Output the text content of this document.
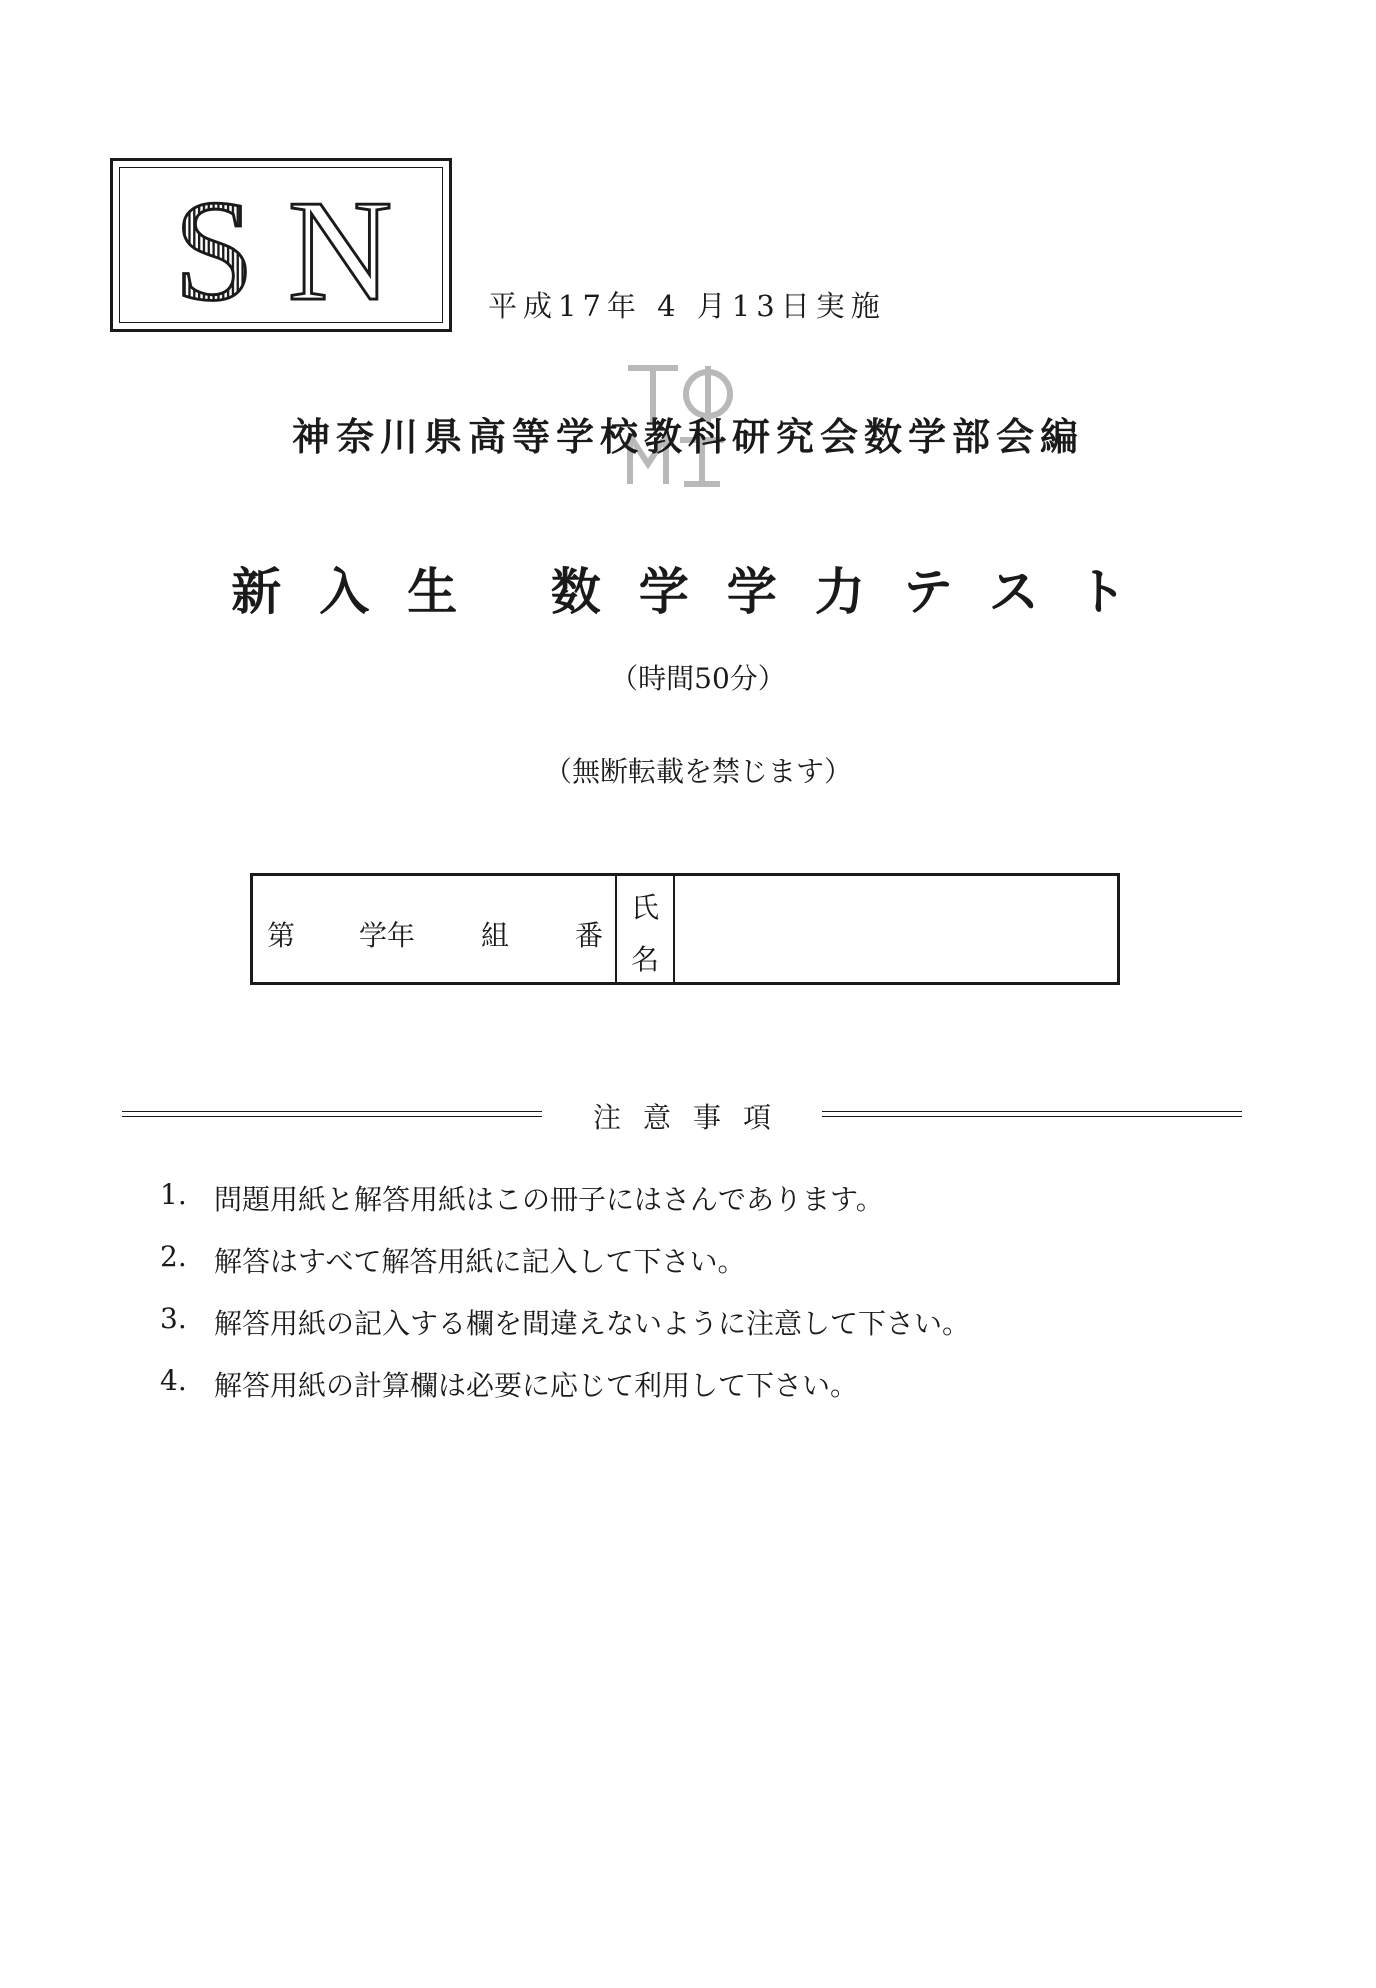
S N	平成17年 4 月13日実施
神奈川県高等学校教科研究会数学部会編
新入生 数学学力テスト
（時間50分）
（無断転載を禁じます）
第 学年 組 番
氏
名
注意事項
1. 問題用紙と解答用紙はこの冊子にはさんであります。
2. 解答はすべて解答用紙に記入して下さい。
3. 解答用紙の記入する欄を間違えないように注意して下さい。
4. 解答用紙の計算欄は必要に応じて利用して下さい。
